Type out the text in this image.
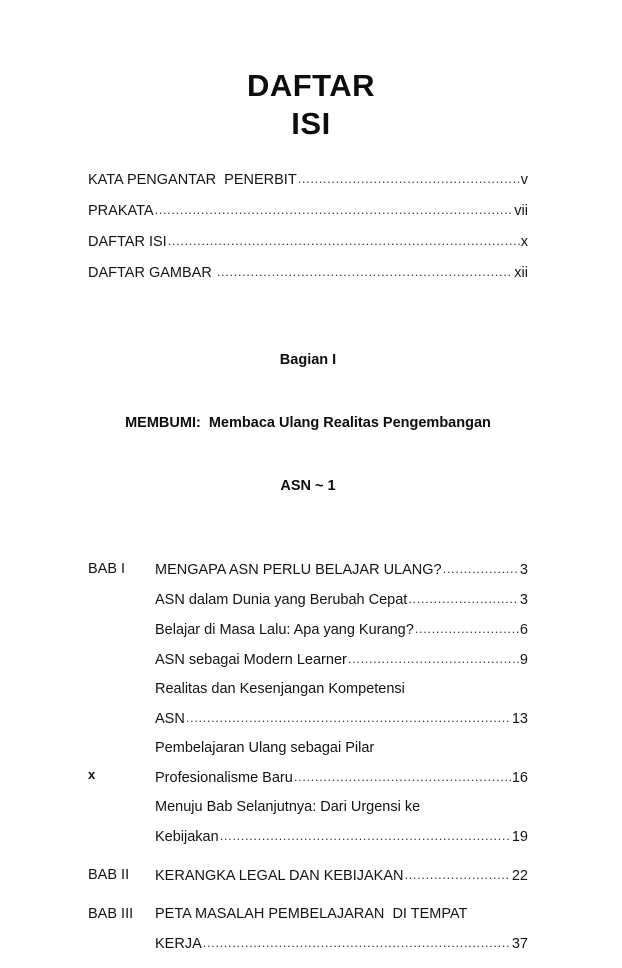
DAFTAR
ISI
KATA PENGANTAR  PENERBIT .....	v
PRAKATA .....	vii
DAFTAR ISI .....	x
DAFTAR GAMBAR .....	xii

Bagian I

MEMBUMI:  Membaca Ulang Realitas Pengembangan

ASN ~ 1

BAB I	MENGAPA ASN PERLU BELAJAR ULANG? .....	3
ASN dalam Dunia yang Berubah Cepat .....	3
Belajar di Masa Lalu: Apa yang Kurang? .....	6
ASN sebagai Modern Learner .....	9
Realitas dan Kesenjangan Kompetensi
ASN .....	13
Pembelajaran Ulang sebagai Pilar
Profesionalisme Baru .....	16
Menuju Bab Selanjutnya: Dari Urgensi ke
Kebijakan .....	19
BAB II	KERANGKA LEGAL DAN KEBIJAKAN .....	22
BAB III	PETA MASALAH PEMBELAJARAN  DI TEMPAT
KERJA .....	37
x
